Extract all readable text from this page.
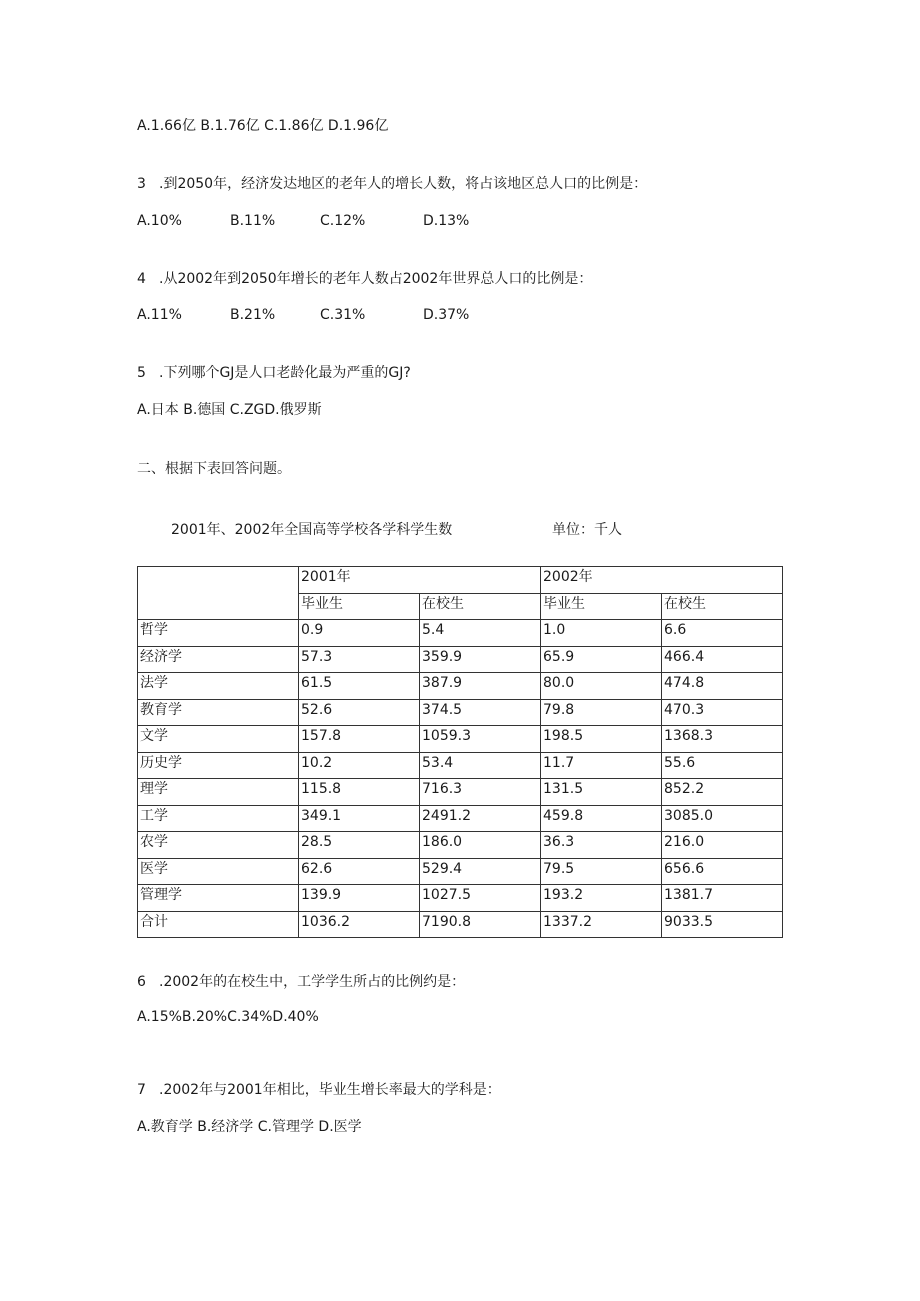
A.1.66亿 B.1.76亿 C.1.86亿 D.1.96亿
3 .到2050年，经济发达地区的老年人的增长人数，将占该地区总人口的比例是：
A.10%	B.11%	C.12%	D.13%
4 .从2002年到2050年增长的老年人数占2002年世界总人口的比例是：
A.11%	B.21%	C.31%	D.37%
5 .下列哪个GJ是人口老龄化最为严重的GJ?
A.日本 B.德国 C.ZGD.俄罗斯
二、根据下表回答问题。
2001年、2002年全国高等学校各学科学生数	单位：千人
	2001年		2002年	
	毕业生	在校生	毕业生	在校生
哲学	0.9	5.4	1.0	6.6
经济学	57.3	359.9	65.9	466.4
法学	61.5	387.9	80.0	474.8
教育学	52.6	374.5	79.8	470.3
文学	157.8	1059.3	198.5	1368.3
历史学	10.2	53.4	11.7	55.6
理学	115.8	716.3	131.5	852.2
工学	349.1	2491.2	459.8	3085.0
农学	28.5	186.0	36.3	216.0
医学	62.6	529.4	79.5	656.6
管理学	139.9	1027.5	193.2	1381.7
合计	1036.2	7190.8	1337.2	9033.5
6 .2002年的在校生中，工学学生所占的比例约是：
A.15%B.20%C.34%D.40%
7 .2002年与2001年相比，毕业生增长率最大的学科是：
A.教育学 B.经济学 C.管理学 D.医学
